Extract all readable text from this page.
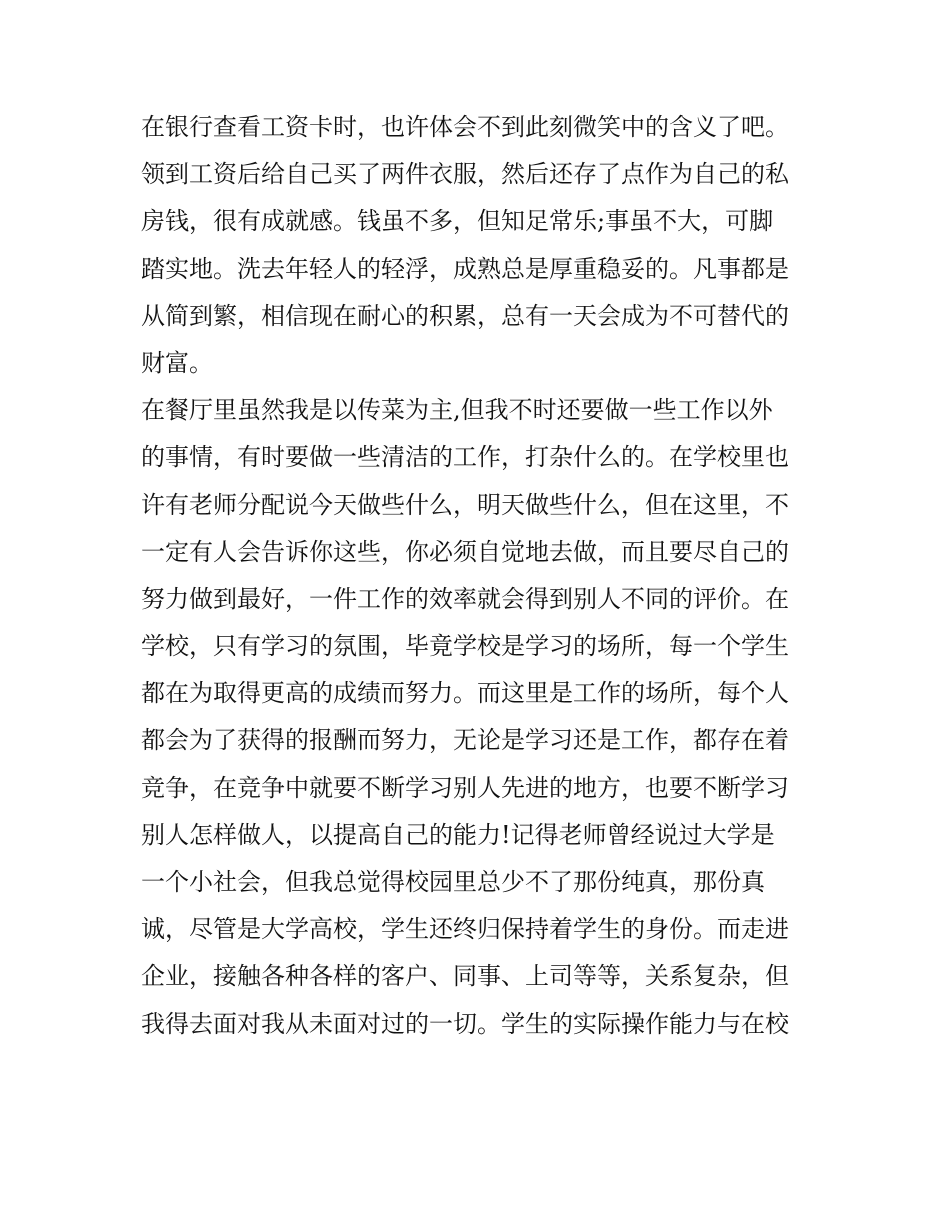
在银行查看工资卡时，也许体会不到此刻微笑中的含义了吧。
领到工资后给自己买了两件衣服，然后还存了点作为自己的私
房钱，很有成就感。钱虽不多，但知足常乐;事虽不大，可脚
踏实地。洗去年轻人的轻浮，成熟总是厚重稳妥的。凡事都是
从简到繁，相信现在耐心的积累，总有一天会成为不可替代的
财富。
在餐厅里虽然我是以传菜为主,但我不时还要做一些工作以外
的事情，有时要做一些清洁的工作，打杂什么的。在学校里也
许有老师分配说今天做些什么，明天做些什么，但在这里，不
一定有人会告诉你这些，你必须自觉地去做，而且要尽自己的
努力做到最好，一件工作的效率就会得到别人不同的评价。在
学校，只有学习的氛围，毕竟学校是学习的场所，每一个学生
都在为取得更高的成绩而努力。而这里是工作的场所，每个人
都会为了获得的报酬而努力，无论是学习还是工作，都存在着
竞争，在竞争中就要不断学习别人先进的地方，也要不断学习
别人怎样做人，以提高自己的能力!记得老师曾经说过大学是
一个小社会，但我总觉得校园里总少不了那份纯真，那份真
诚，尽管是大学高校，学生还终归保持着学生的身份。而走进
企业，接触各种各样的客户、同事、上司等等，关系复杂，但
我得去面对我从未面对过的一切。学生的实际操作能力与在校
